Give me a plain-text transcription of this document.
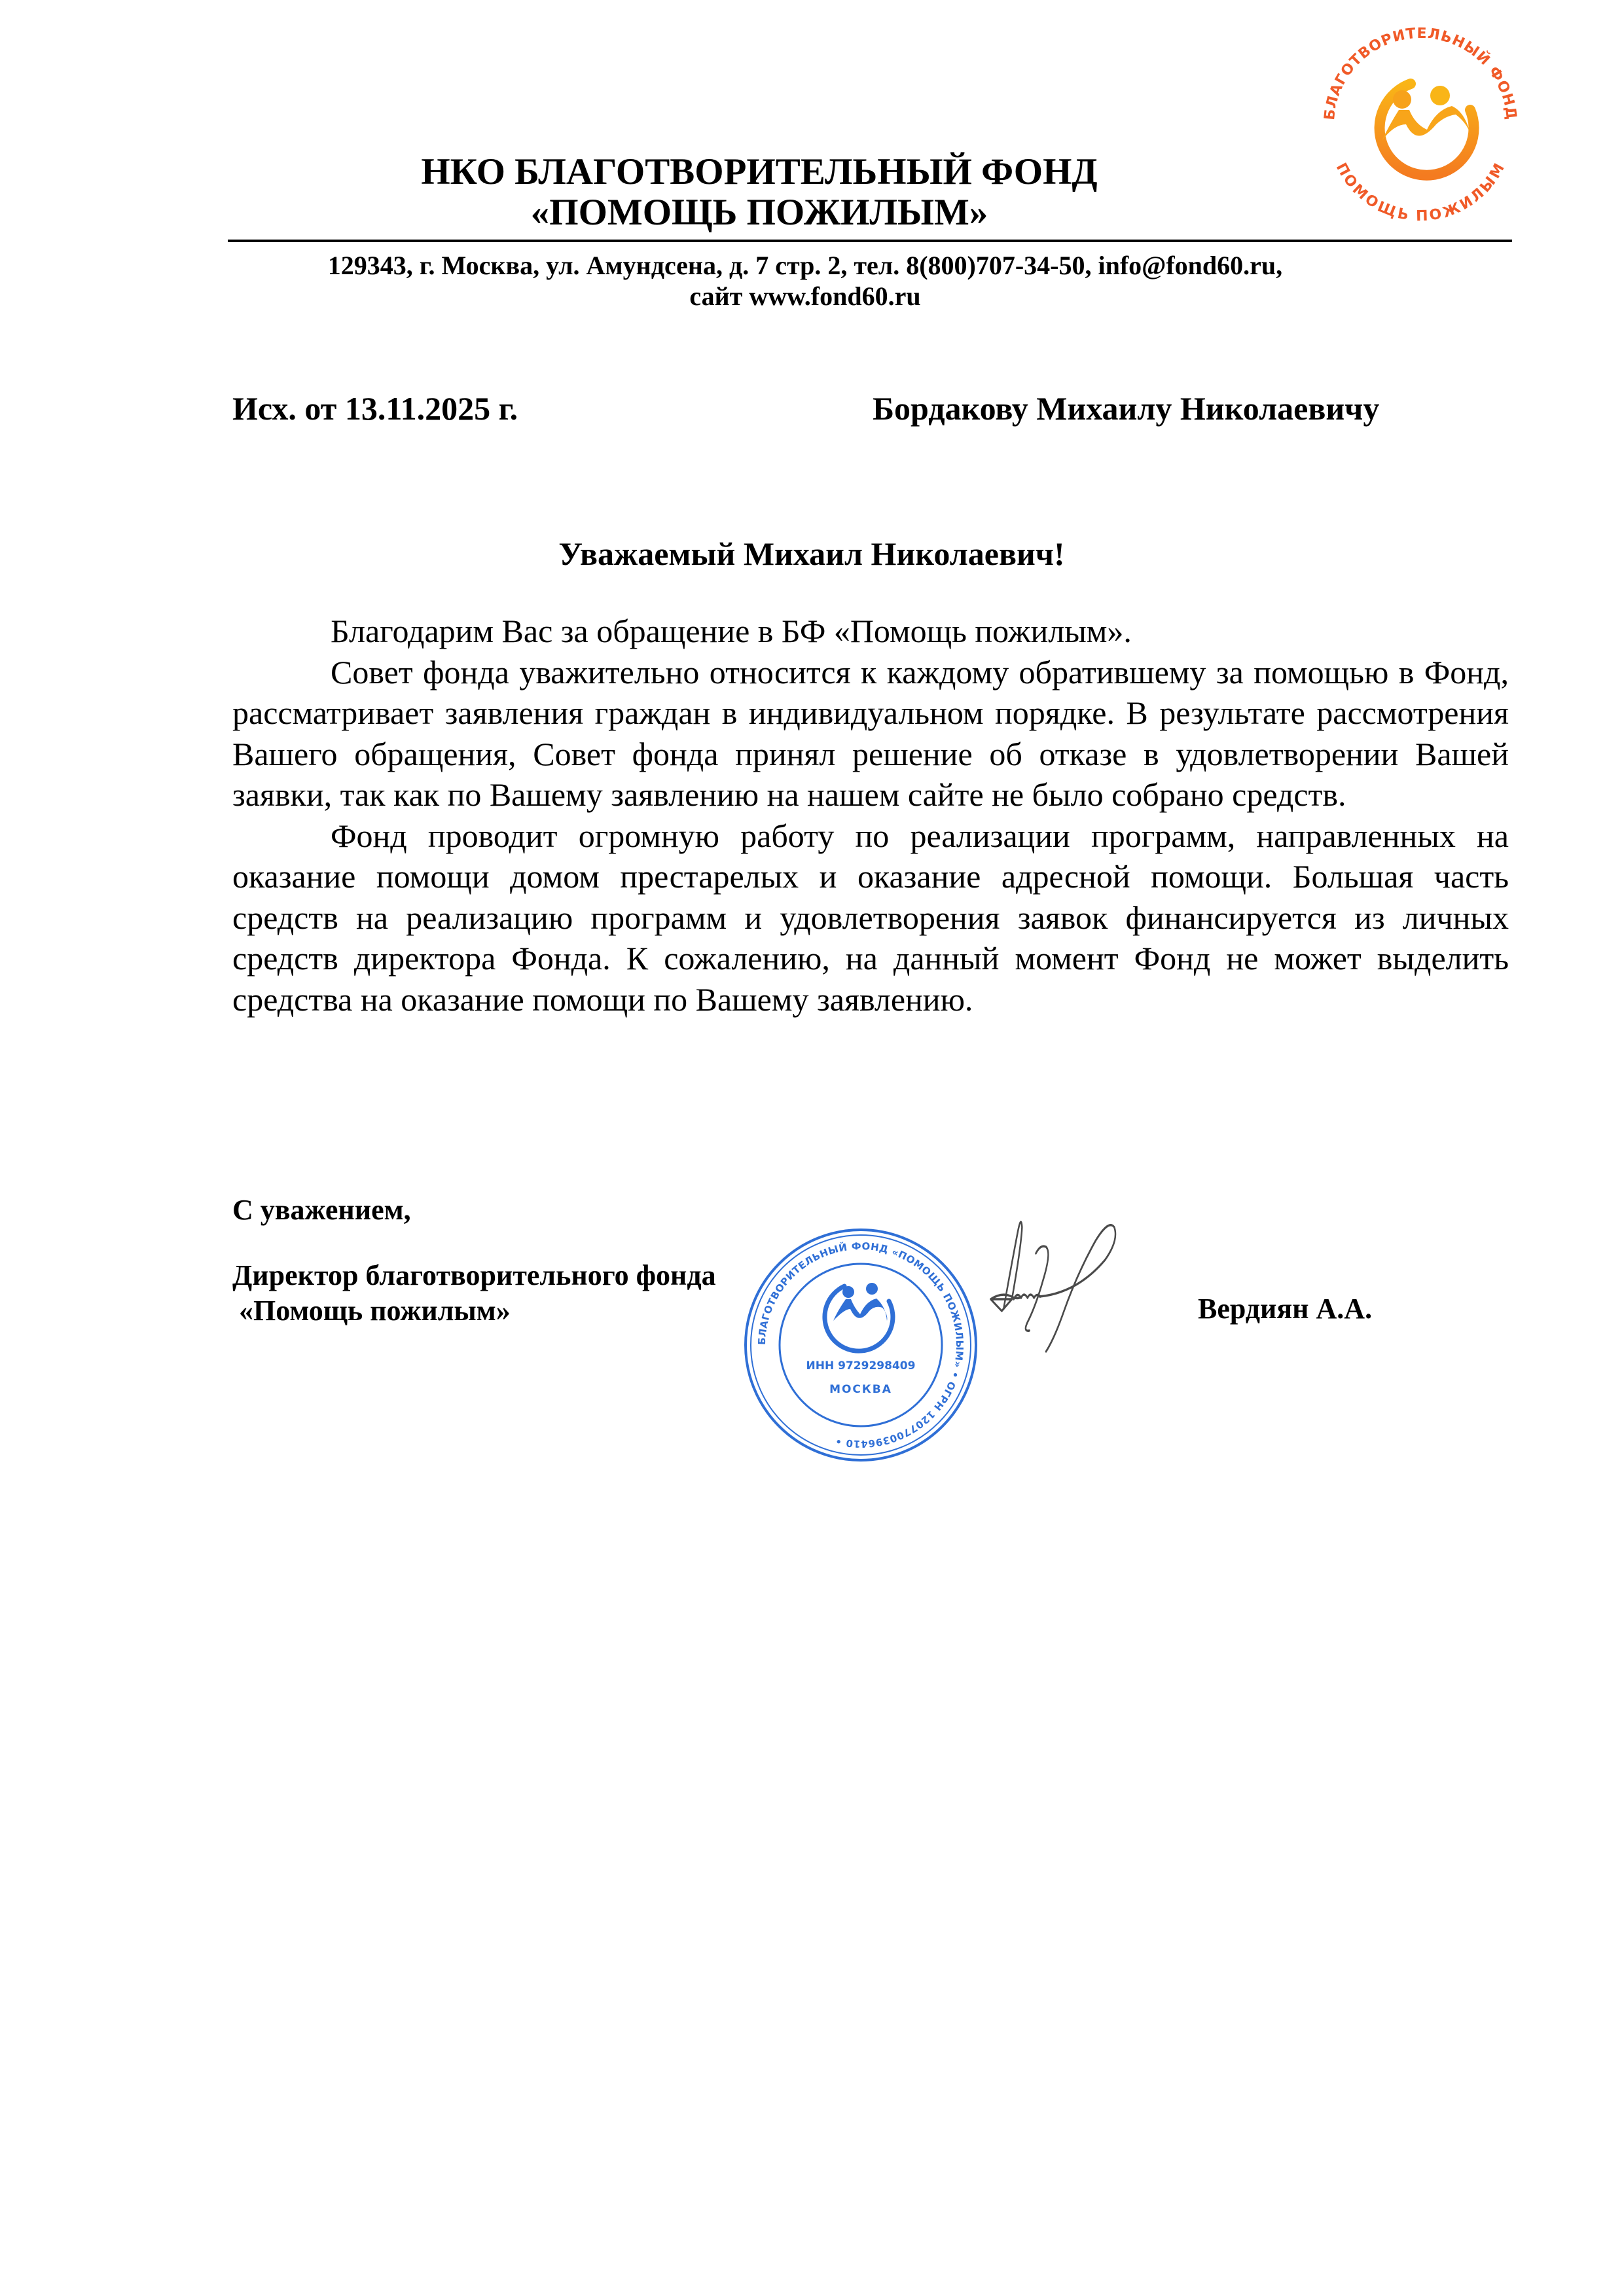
НКО БЛАГОТВОРИТЕЛЬНЫЙ ФОНД
«ПОМОЩЬ ПОЖИЛЫМ»
БЛАГОТВОРИТЕЛЬНЫЙ ФОНД
ПОМОЩЬ ПОЖИЛЫМ
129343, г. Москва, ул. Амундсена, д. 7 стр. 2, тел. 8(800)707-34-50, info@fond60.ru,
сайт www.fond60.ru
Исх. от 13.11.2025 г.	Бордакову Михаилу Николаевичу
Уважаемый Михаил Николаевич!

Благодарим Вас за обращение в БФ «Помощь пожилым».

Совет фонда уважительно относится к каждому обратившему за помощью в Фонд, рассматривает заявления граждан в индивидуальном порядке. В результате рассмотрения Вашего обращения, Совет фонда принял решение об отказе в удовлетворении Вашей заявки, так как по Вашему заявлению на нашем сайте не было собрано средств.

Фонд проводит огромную работу по реализации программ, направленных на оказание помощи домом престарелых и оказание адресной помощи. Большая часть средств на реализацию программ и удовлетворения заявок финансируется из личных средств директора Фонда. К сожалению, на данный момент Фонд не может выделить средства на оказание помощи по Вашему заявлению.

С уважением,
Директор благотворительного фонда
«Помощь пожилым»
БЛАГОТВОРИТЕЛЬНЫЙ ФОНД «ПОМОЩЬ ПОЖИЛЫМ» • ОГРН 1207700396410 •
ИНН 9729298409
МОСКВА
Вердиян А.А.
